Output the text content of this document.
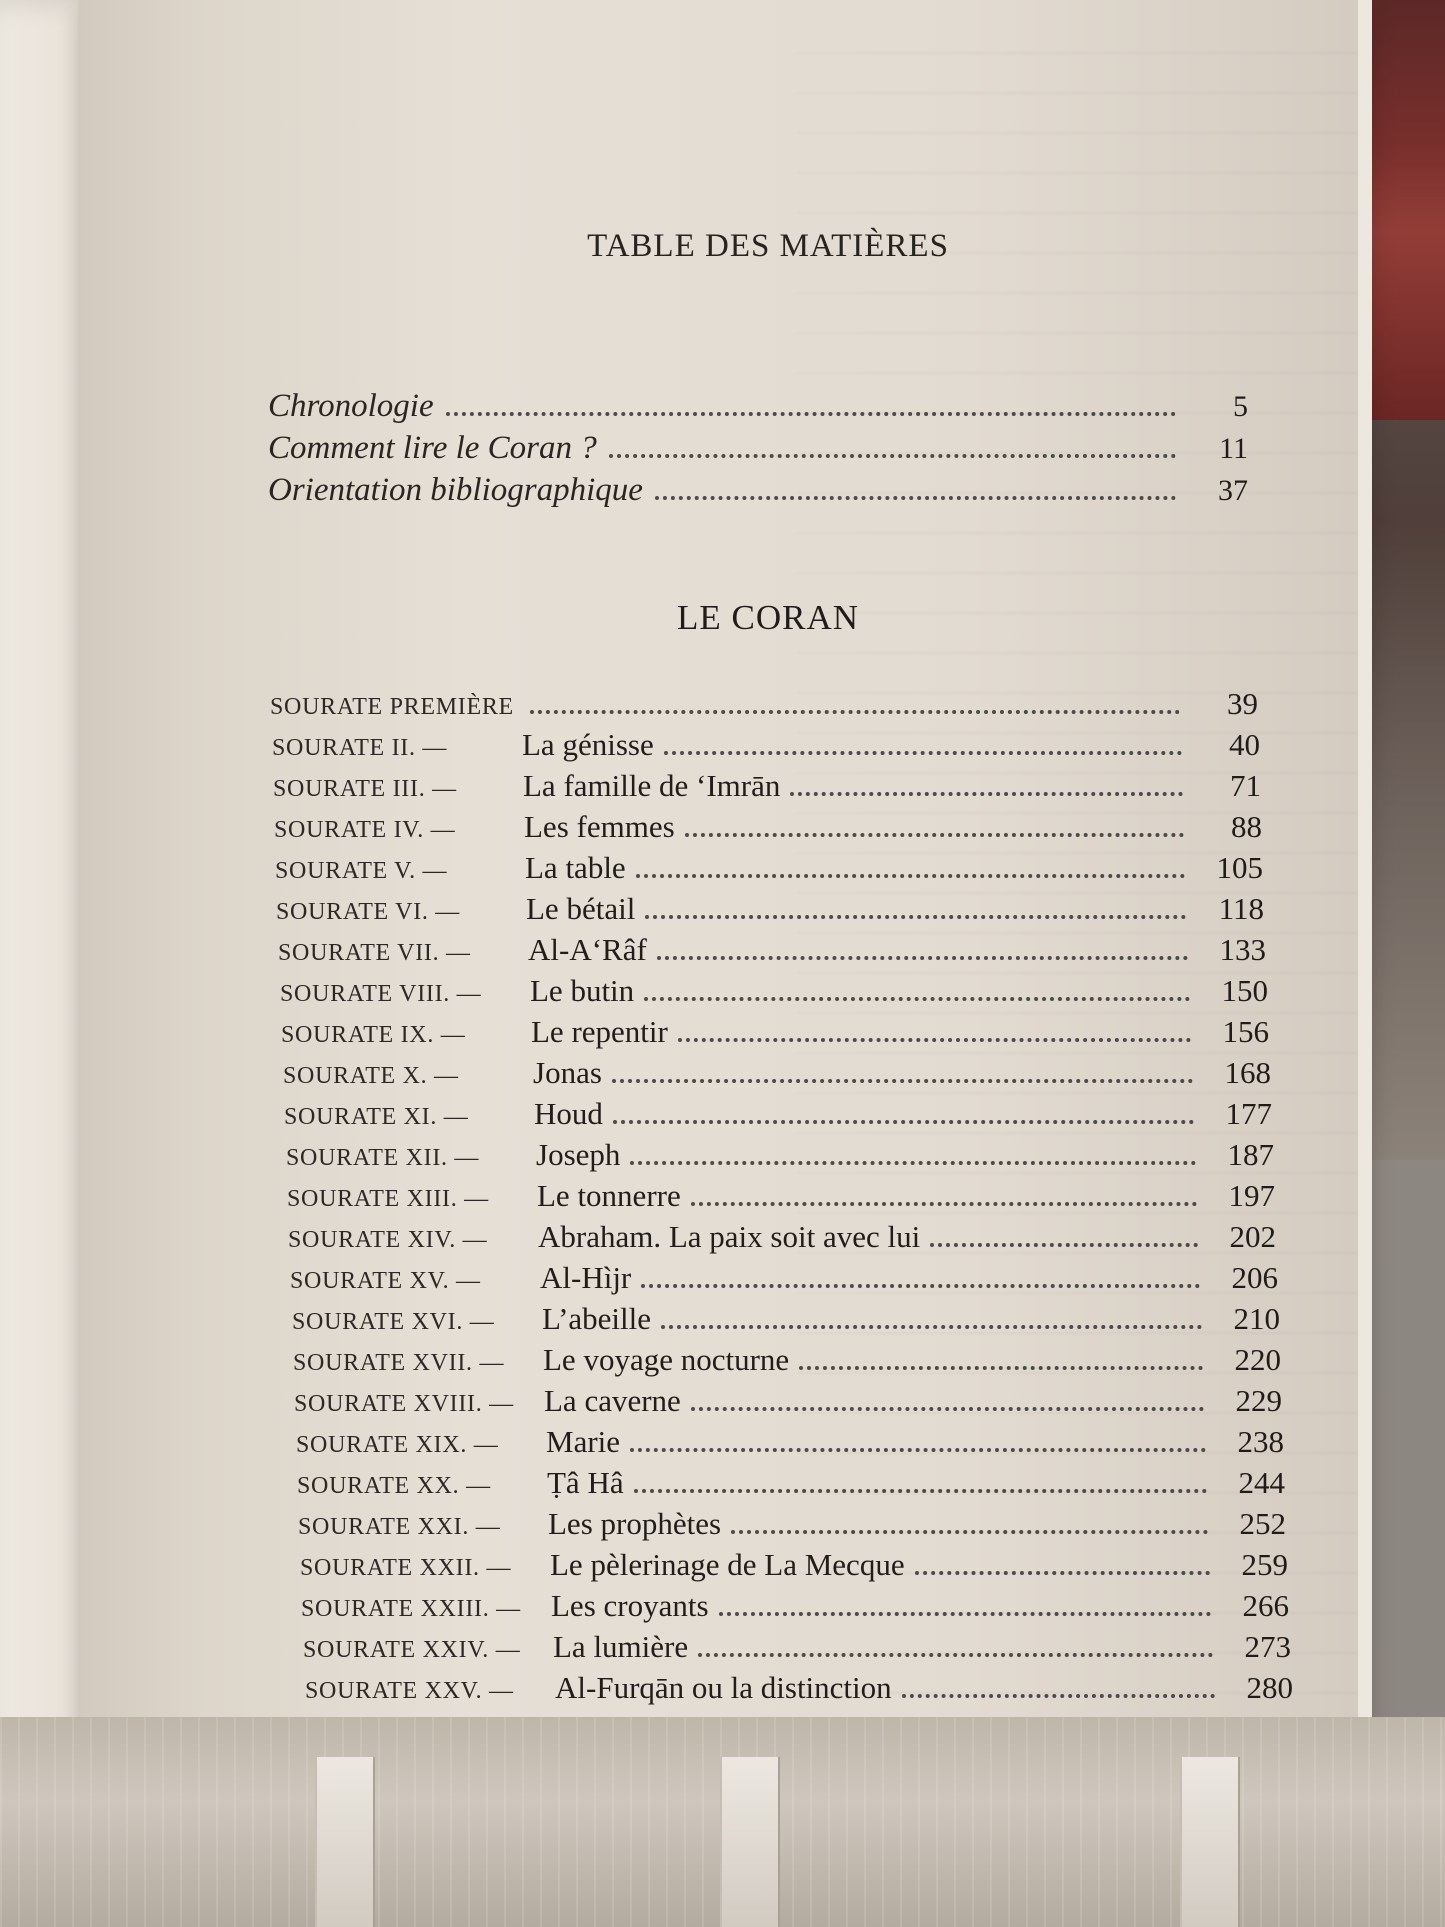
TABLE DES MATIÈRES
Chronologie	5
Comment lire le Coran ?	11
Orientation bibliographique	37
LE CORAN
SOURATE PREMIÈRE	39
SOURATE II. —	La génisse	40
SOURATE III. —	La famille de ‘Imrān	71
SOURATE IV. —	Les femmes	88
SOURATE V. —	La table	105
SOURATE VI. —	Le bétail	118
SOURATE VII. —	Al-A‘Râf	133
SOURATE VIII. —	Le butin	150
SOURATE IX. —	Le repentir	156
SOURATE X. —	Jonas	168
SOURATE XI. —	Houd	177
SOURATE XII. —	Joseph	187
SOURATE XIII. —	Le tonnerre	197
SOURATE XIV. —	Abraham. La paix soit avec lui	202
SOURATE XV. —	Al-Hìjr	206
SOURATE XVI. —	L’abeille	210
SOURATE XVII. —	Le voyage nocturne	220
SOURATE XVIII. — La caverne	229
SOURATE XIX. —	Marie	238
SOURATE XX. —	Ṭâ Hâ	244
SOURATE XXI. —	Les prophètes	252
SOURATE XXII. —	Le pèlerinage de La Mecque	259
SOURATE XXIII. — Les croyants	266
SOURATE XXIV. —	La lumière	273
SOURATE XXV. —	Al-Furqān ou la distinction	280
